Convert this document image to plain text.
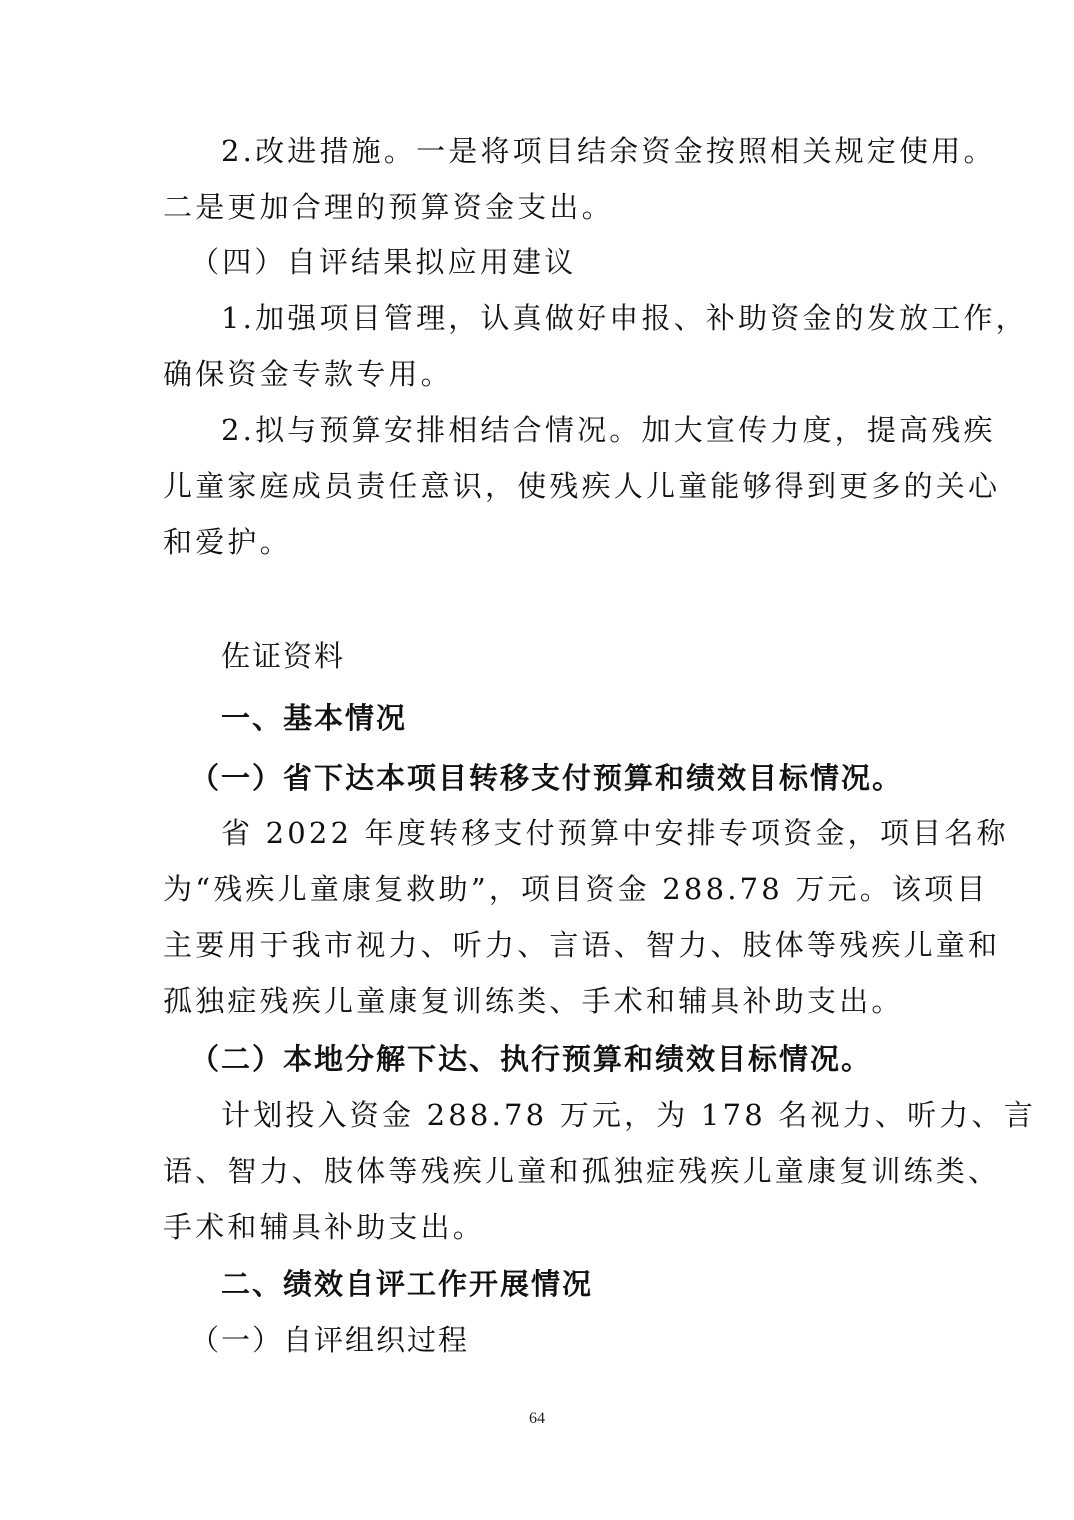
2.改进措施。一是将项目结余资金按照相关规定使用。
二是更加合理的预算资金支出。
（四）自评结果拟应用建议
1.加强项目管理，认真做好申报、补助资金的发放工作，
确保资金专款专用。
2.拟与预算安排相结合情况。加大宣传力度，提高残疾
儿童家庭成员责任意识，使残疾人儿童能够得到更多的关心
和爱护。
佐证资料
一、基本情况
（一）省下达本项目转移支付预算和绩效目标情况。
省 2022 年度转移支付预算中安排专项资金，项目名称
为“残疾儿童康复救助”，项目资金 288.78 万元。该项目
主要用于我市视力、听力、言语、智力、肢体等残疾儿童和
孤独症残疾儿童康复训练类、手术和辅具补助支出。
（二）本地分解下达、执行预算和绩效目标情况。
计划投入资金 288.78 万元，为 178 名视力、听力、言
语、智力、肢体等残疾儿童和孤独症残疾儿童康复训练类、
手术和辅具补助支出。
二、绩效自评工作开展情况
（一）自评组织过程
64
